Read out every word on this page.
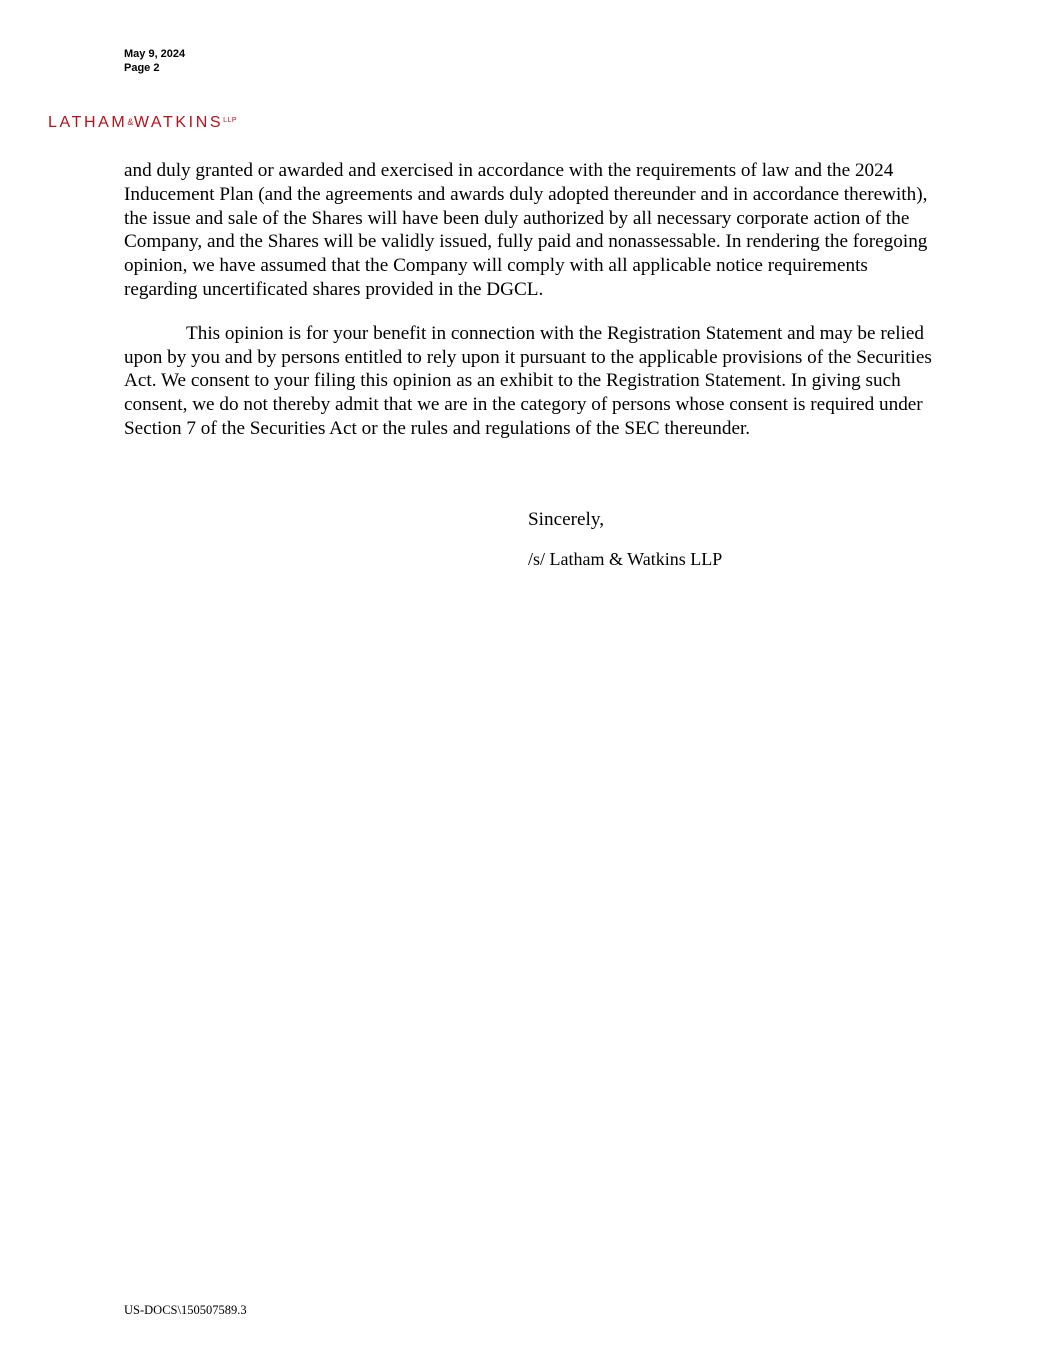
May 9, 2024
Page 2
$LATHAM\&WATKINS^{LLP}$

and duly granted or awarded and exercised in accordance with the requirements of law and the 2024 Inducement Plan (and the agreements and awards duly adopted thereunder and in accordance therewith), the issue and sale of the Shares will have been duly authorized by all necessary corporate action of the Company, and the Shares will be validly issued, fully paid and nonassessable. In rendering the foregoing opinion, we have assumed that the Company will comply with all applicable notice requirements regarding uncertificated shares provided in the DGCL.

This opinion is for your benefit in connection with the Registration Statement and may be relied upon by you and by persons entitled to rely upon it pursuant to the applicable provisions of the Securities Act. We consent to your filing this opinion as an exhibit to the Registration Statement. In giving such consent, we do not thereby admit that we are in the category of persons whose consent is required under Section 7 of the Securities Act or the rules and regulations of the SEC thereunder.

Sincerely,
/s/ Latham & Watkins LLP
US-DOCS\150507589.3
